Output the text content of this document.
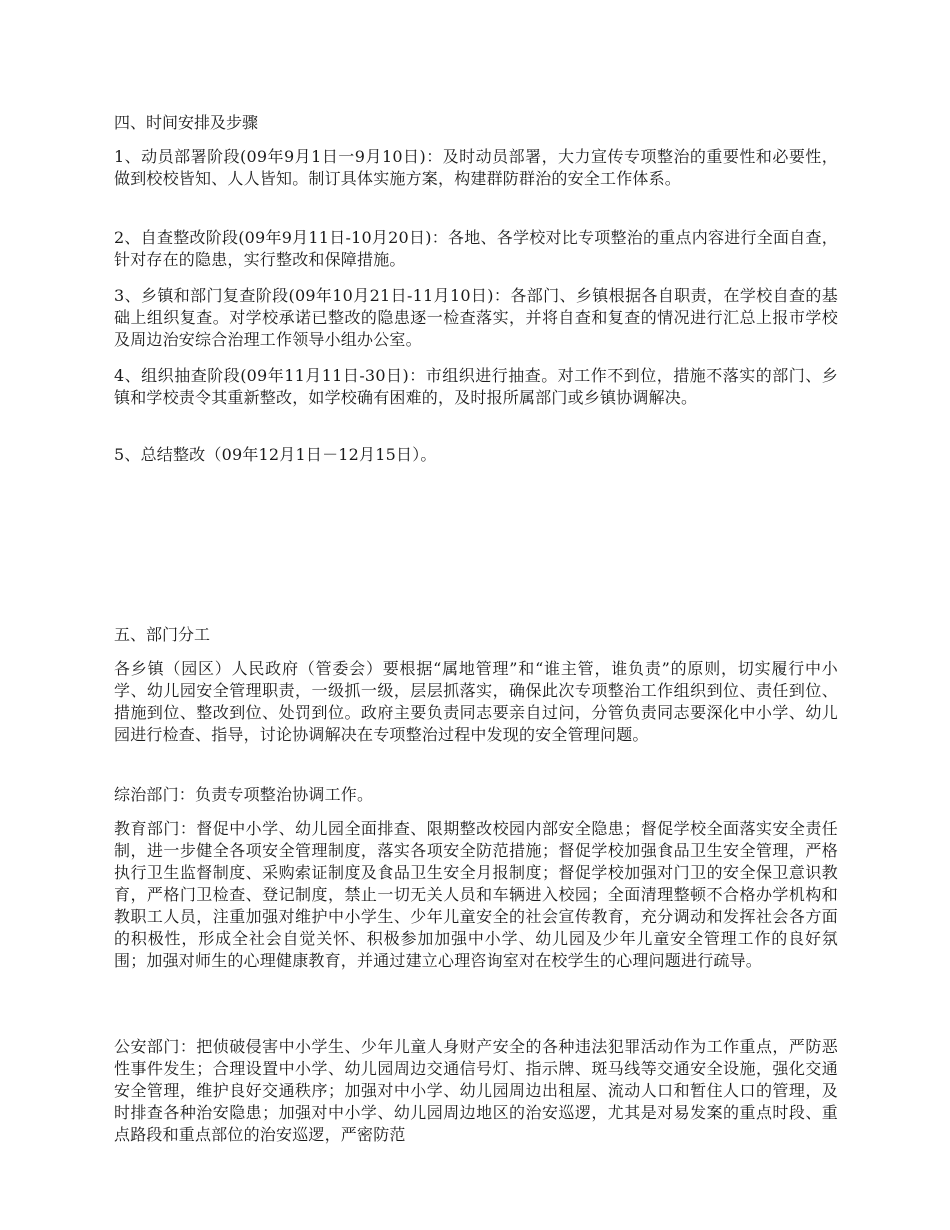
四、时间安排及步骤

1、动员部署阶段(09年9月1日一9月10日)：及时动员部署，大力宣传专项整治的重要性和必要性，做到校校皆知、人人皆知。制订具体实施方案，构建群防群治的安全工作体系。

2、自查整改阶段(09年9月11日-10月20日)：各地、各学校对比专项整治的重点内容进行全面自查，针对存在的隐患，实行整改和保障措施。

3、乡镇和部门复查阶段(09年10月21日-11月10日)：各部门、乡镇根据各自职责，在学校自查的基础上组织复查。对学校承诺已整改的隐患逐一检查落实，并将自查和复查的情况进行汇总上报市学校及周边治安综合治理工作领导小组办公室。

4、组织抽查阶段(09年11月11日-30日)：市组织进行抽查。对工作不到位，措施不落实的部门、乡镇和学校责令其重新整改，如学校确有困难的，及时报所属部门或乡镇协调解决。

5、总结整改（09年12月1日－12月15日）。

五、部门分工

各乡镇（园区）人民政府（管委会）要根据“属地管理”和“谁主管，谁负责”的原则，切实履行中小学、幼儿园安全管理职责，一级抓一级，层层抓落实，确保此次专项整治工作组织到位、责任到位、措施到位、整改到位、处罚到位。政府主要负责同志要亲自过问，分管负责同志要深化中小学、幼儿园进行检查、指导，讨论协调解决在专项整治过程中发现的安全管理问题。

综治部门：负责专项整治协调工作。

教育部门：督促中小学、幼儿园全面排查、限期整改校园内部安全隐患；督促学校全面落实安全责任制，进一步健全各项安全管理制度，落实各项安全防范措施；督促学校加强食品卫生安全管理，严格执行卫生监督制度、采购索证制度及食品卫生安全月报制度；督促学校加强对门卫的安全保卫意识教育，严格门卫检查、登记制度，禁止一切无关人员和车辆进入校园；全面清理整顿不合格办学机构和教职工人员，注重加强对维护中小学生、少年儿童安全的社会宣传教育，充分调动和发挥社会各方面的积极性，形成全社会自觉关怀、积极参加加强中小学、幼儿园及少年儿童安全管理工作的良好氛围；加强对师生的心理健康教育，并通过建立心理咨询室对在校学生的心理问题进行疏导。

公安部门：把侦破侵害中小学生、少年儿童人身财产安全的各种违法犯罪活动作为工作重点，严防恶性事件发生；合理设置中小学、幼儿园周边交通信号灯、指示牌、斑马线等交通安全设施，强化交通安全管理，维护良好交通秩序；加强对中小学、幼儿园周边出租屋、流动人口和暂住人口的管理，及时排查各种治安隐患；加强对中小学、幼儿园周边地区的治安巡逻，尤其是对易发案的重点时段、重点路段和重点部位的治安巡逻，严密防范
